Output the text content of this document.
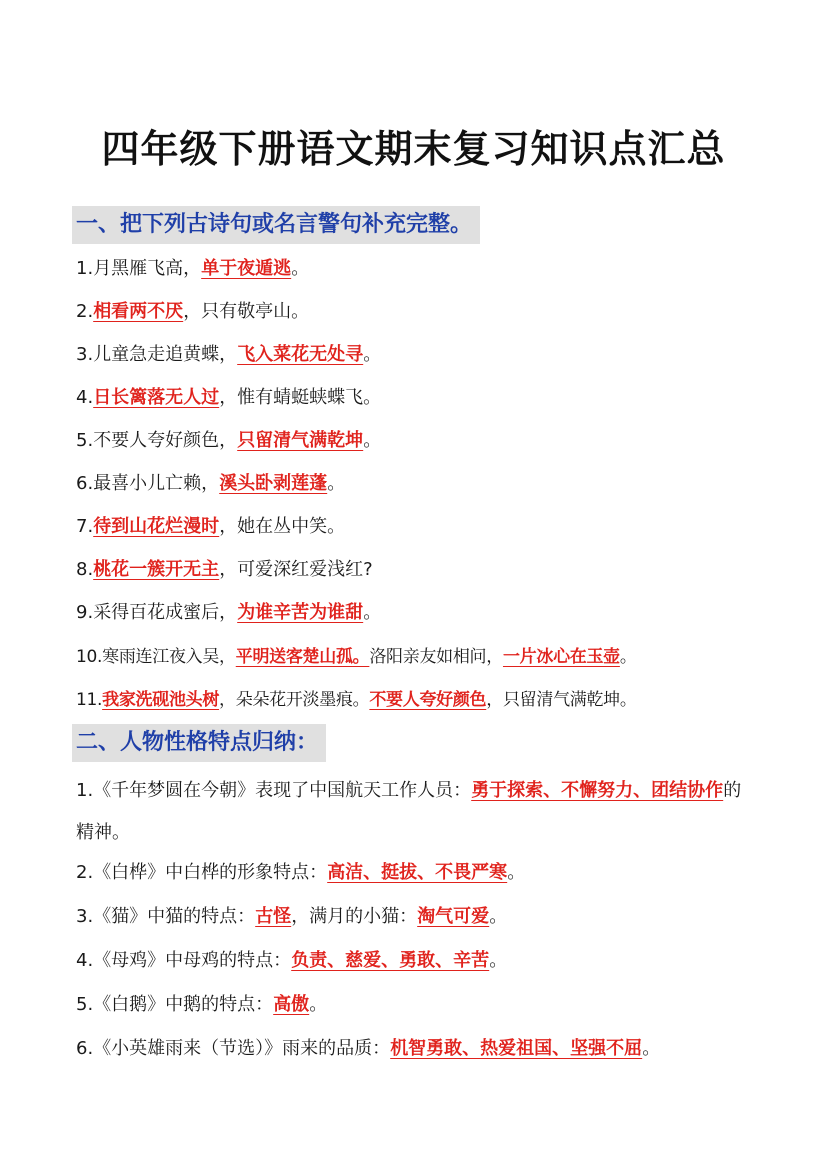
四年级下册语文期末复习知识点汇总
一、把下列古诗句或名言警句补充完整。
1.月黑雁飞高，单于夜遁逃。
2.相看两不厌，只有敬亭山。
3.儿童急走追黄蝶，飞入菜花无处寻。
4.日长篱落无人过，惟有蜻蜓蛱蝶飞。
5.不要人夸好颜色，只留清气满乾坤。
6.最喜小儿亡赖，溪头卧剥莲蓬。
7.待到山花烂漫时，她在丛中笑。
8.桃花一簇开无主，可爱深红爱浅红?
9.采得百花成蜜后，为谁辛苦为谁甜。
10.寒雨连江夜入吴，平明送客楚山孤。洛阳亲友如相问，一片冰心在玉壶。
11.我家洗砚池头树，朵朵花开淡墨痕。不要人夸好颜色，只留清气满乾坤。
二、人物性格特点归纳：
1.《千年梦圆在今朝》表现了中国航天工作人员：勇于探索、不懈努力、团结协作的精神。
2.《白桦》中白桦的形象特点：高洁、挺拔、不畏严寒。
3.《猫》中猫的特点：古怪，满月的小猫：淘气可爱。
4.《母鸡》中母鸡的特点：负责、慈爱、勇敢、辛苦。
5.《白鹅》中鹅的特点：高傲。
6.《小英雄雨来（节选）》雨来的品质：机智勇敢、热爱祖国、坚强不屈。
